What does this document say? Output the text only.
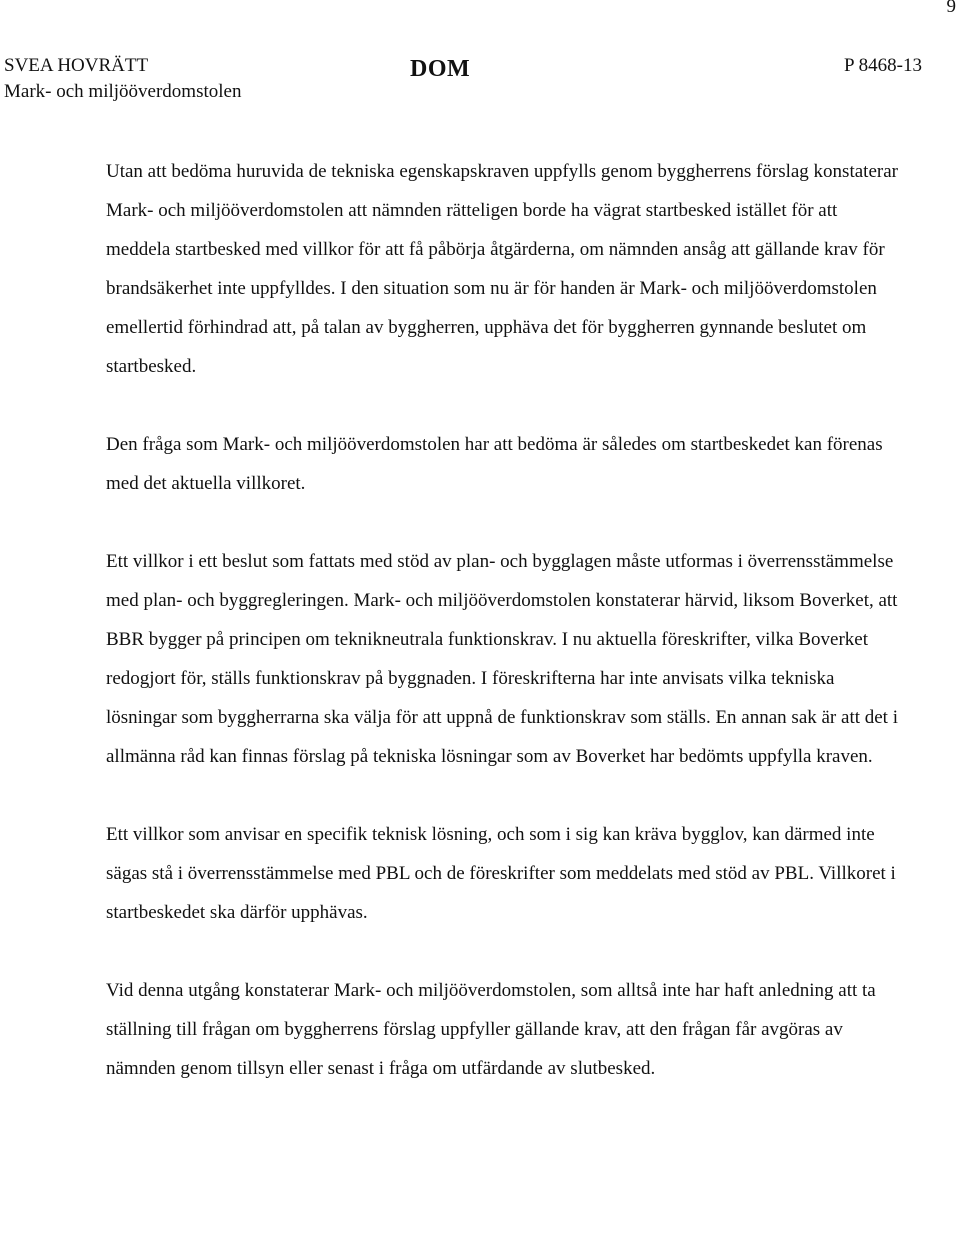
9
SVEA HOVRÄTT
Mark- och miljööverdomstolen
DOM	P 8468-13

Utan att bedöma huruvida de tekniska egenskapskraven uppfylls genom byggherrens förslag konstaterar Mark- och miljööverdomstolen att nämnden rätteligen borde ha vägrat startbesked istället för att meddela startbesked med villkor för att få påbörja åtgärderna, om nämnden ansåg att gällande krav för brandsäkerhet inte uppfylldes. I den situation som nu är för handen är Mark- och miljööverdomstolen emellertid förhindrad att, på talan av byggherren, upphäva det för byggherren gynnande beslutet om startbesked.

Den fråga som Mark- och miljööverdomstolen har att bedöma är således om startbeskedet kan förenas med det aktuella villkoret.

Ett villkor i ett beslut som fattats med stöd av plan- och bygglagen måste utformas i överrensstämmelse med plan- och byggregleringen. Mark- och miljööverdomstolen konstaterar härvid, liksom Boverket, att BBR bygger på principen om teknikneutrala funktionskrav. I nu aktuella föreskrifter, vilka Boverket redogjort för, ställs funktionskrav på byggnaden. I föreskrifterna har inte anvisats vilka tekniska lösningar som byggherrarna ska välja för att uppnå de funktionskrav som ställs. En annan sak är att det i allmänna råd kan finnas förslag på tekniska lösningar som av Boverket har bedömts uppfylla kraven.

Ett villkor som anvisar en specifik teknisk lösning, och som i sig kan kräva bygglov, kan därmed inte sägas stå i överrensstämmelse med PBL och de föreskrifter som meddelats med stöd av PBL. Villkoret i startbeskedet ska därför upphävas.

Vid denna utgång konstaterar Mark- och miljööverdomstolen, som alltså inte har haft anledning att ta ställning till frågan om byggherrens förslag uppfyller gällande krav, att den frågan får avgöras av nämnden genom tillsyn eller senast i fråga om utfärdande av slutbesked.
